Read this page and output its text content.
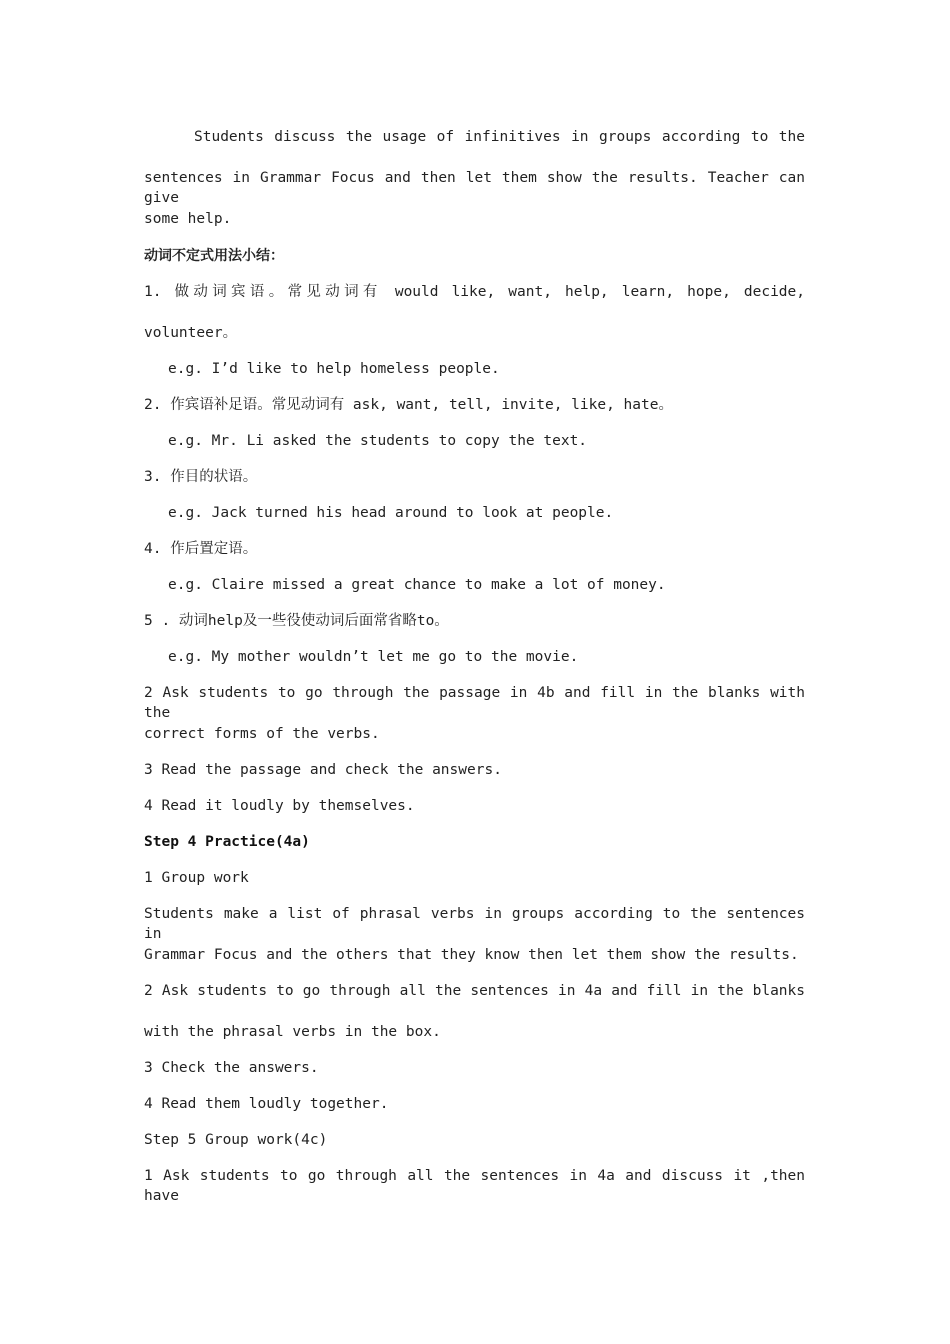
Students discuss the usage of infinitives in groups according to the
sentences in Grammar Focus and then let them show the results. Teacher can give
some help.
动词不定式用法小结：
1. 做动词宾语。常见动词有 would like, want, help, learn, hope, decide,
volunteer。
e.g. I’d like to help homeless people.
2. 作宾语补足语。常见动词有 ask, want, tell, invite, like, hate。
e.g. Mr. Li asked the students to copy the text.
3. 作目的状语。
e.g. Jack turned his head around to look at people.
4. 作后置定语。
e.g. Claire missed a great chance to make a lot of money.
5 . 动词help及一些役使动词后面常省略to。
e.g. My mother wouldn’t let me go to the movie.
2 Ask students to go through the passage in 4b and fill in the blanks with the
correct forms of the verbs.
3 Read the passage and check the answers.
4 Read it loudly by themselves.
Step 4 Practice(4a)
1 Group work
Students make a list of phrasal verbs in groups according to the sentences in
Grammar Focus and the others that they know then let them show the results.
2 Ask students to go through all the sentences in 4a and fill in the blanks
with the phrasal verbs in the box.
3 Check the answers.
4 Read them loudly together.
Step 5 Group work(4c)
1 Ask students to go through all the sentences in 4a and discuss it ,then have
